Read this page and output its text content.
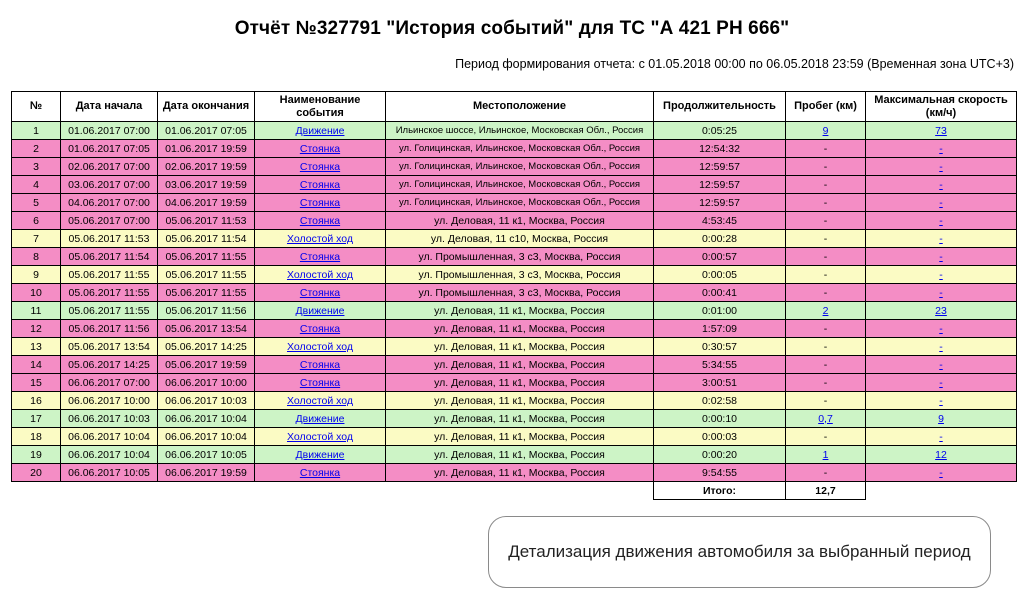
Отчёт №327791 "История событий" для ТС "А 421 РН 666"
Период формирования отчета: с 01.05.2018 00:00 по 06.05.2018 23:59 (Временная зона UTC+3)
№	Дата начала	Дата окончания	Наименование события	Местоположение	Продолжительность	Пробег (км)	Максимальная скорость (км/ч)
1	01.06.2017 07:00	01.06.2017 07:05	Движение	Ильинское шоссе, Ильинское, Московская Обл., Россия	0:05:25	9	73
2	01.06.2017 07:05	01.06.2017 19:59	Стоянка	ул. Голицинская, Ильинское, Московская Обл., Россия	12:54:32	-	-
3	02.06.2017 07:00	02.06.2017 19:59	Стоянка	ул. Голицинская, Ильинское, Московская Обл., Россия	12:59:57	-	-
4	03.06.2017 07:00	03.06.2017 19:59	Стоянка	ул. Голицинская, Ильинское, Московская Обл., Россия	12:59:57	-	-
5	04.06.2017 07:00	04.06.2017 19:59	Стоянка	ул. Голицинская, Ильинское, Московская Обл., Россия	12:59:57	-	-
6	05.06.2017 07:00	05.06.2017 11:53	Стоянка	ул. Деловая, 11 к1, Москва, Россия	4:53:45	-	-
7	05.06.2017 11:53	05.06.2017 11:54	Холостой ход	ул. Деловая, 11 с10, Москва, Россия	0:00:28	-	-
8	05.06.2017 11:54	05.06.2017 11:55	Стоянка	ул. Промышленная, 3 с3, Москва, Россия	0:00:57	-	-
9	05.06.2017 11:55	05.06.2017 11:55	Холостой ход	ул. Промышленная, 3 с3, Москва, Россия	0:00:05	-	-
10	05.06.2017 11:55	05.06.2017 11:55	Стоянка	ул. Промышленная, 3 с3, Москва, Россия	0:00:41	-	-
11	05.06.2017 11:55	05.06.2017 11:56	Движение	ул. Деловая, 11 к1, Москва, Россия	0:01:00	2	23
12	05.06.2017 11:56	05.06.2017 13:54	Стоянка	ул. Деловая, 11 к1, Москва, Россия	1:57:09	-	-
13	05.06.2017 13:54	05.06.2017 14:25	Холостой ход	ул. Деловая, 11 к1, Москва, Россия	0:30:57	-	-
14	05.06.2017 14:25	05.06.2017 19:59	Стоянка	ул. Деловая, 11 к1, Москва, Россия	5:34:55	-	-
15	06.06.2017 07:00	06.06.2017 10:00	Стоянка	ул. Деловая, 11 к1, Москва, Россия	3:00:51	-	-
16	06.06.2017 10:00	06.06.2017 10:03	Холостой ход	ул. Деловая, 11 к1, Москва, Россия	0:02:58	-	-
17	06.06.2017 10:03	06.06.2017 10:04	Движение	ул. Деловая, 11 к1, Москва, Россия	0:00:10	0,7	9
18	06.06.2017 10:04	06.06.2017 10:04	Холостой ход	ул. Деловая, 11 к1, Москва, Россия	0:00:03	-	-
19	06.06.2017 10:04	06.06.2017 10:05	Движение	ул. Деловая, 11 к1, Москва, Россия	0:00:20	1	12
20	06.06.2017 10:05	06.06.2017 19:59	Стоянка	ул. Деловая, 11 к1, Москва, Россия	9:54:55	-	-
					Итого:	12,7	
Детализация движения автомобиля за выбранный период
